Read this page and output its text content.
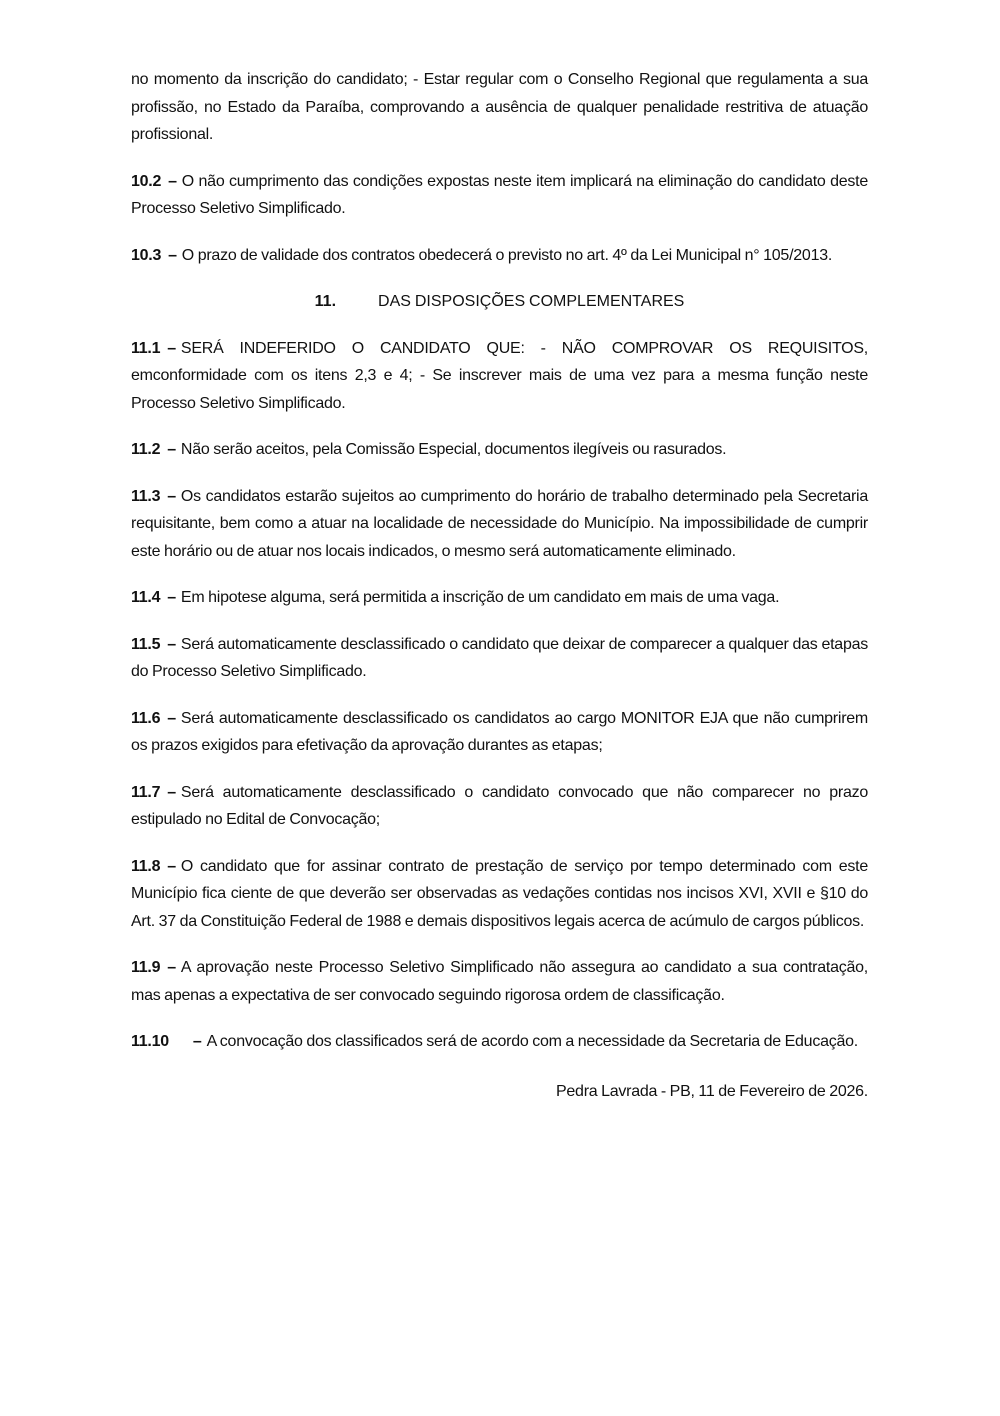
no momento da inscrição do candidato; - Estar regular com o Conselho Regional que regulamenta a sua profissão, no Estado da Paraíba, comprovando a ausência de qualquer penalidade restritiva de atuação profissional.

10.2 – O não cumprimento das condições expostas neste item implicará na eliminação do candidato deste Processo Seletivo Simplificado.

10.3 – O prazo de validade dos contratos obedecerá o previsto no art. 4º da Lei Municipal n° 105/2013.

11.	DAS DISPOSIÇÕES COMPLEMENTARES

11.1 – SERÁ INDEFERIDO O CANDIDATO QUE: - NÃO COMPROVAR OS REQUISITOS, emconformidade com os itens 2,3 e 4; - Se inscrever mais de uma vez para a mesma função neste Processo Seletivo Simplificado.

11.2 – Não serão aceitos, pela Comissão Especial, documentos ilegíveis ou rasurados.

11.3 – Os candidatos estarão sujeitos ao cumprimento do horário de trabalho determinado pela Secretaria requisitante, bem como a atuar na localidade de necessidade do Município. Na impossibilidade de cumprir este horário ou de atuar nos locais indicados, o mesmo será automaticamente eliminado.

11.4 – Em hipotese alguma, será permitida a inscrição de um candidato em mais de uma vaga.

11.5 – Será automaticamente desclassificado o candidato que deixar de comparecer a qualquer das etapas do Processo Seletivo Simplificado.

11.6 – Será automaticamente desclassificado os candidatos ao cargo MONITOR EJA que não cumprirem os prazos exigidos para efetivação da aprovação durantes as etapas;

11.7 – Será automaticamente desclassificado o candidato convocado que não comparecer no prazo estipulado no Edital de Convocação;

11.8 – O candidato que for assinar contrato de prestação de serviço por tempo determinado com este Município fica ciente de que deverão ser observadas as vedações contidas nos incisos XVI, XVII e §10 do Art. 37 da Constituição Federal de 1988 e demais dispositivos legais acerca de acúmulo de cargos públicos.

11.9 – A aprovação neste Processo Seletivo Simplificado não assegura ao candidato a sua contratação, mas apenas a expectativa de ser convocado seguindo rigorosa ordem de classificação.

11.10 – A convocação dos classificados será de acordo com a necessidade da Secretaria de Educação.

Pedra Lavrada - PB, 11 de Fevereiro de 2026.
